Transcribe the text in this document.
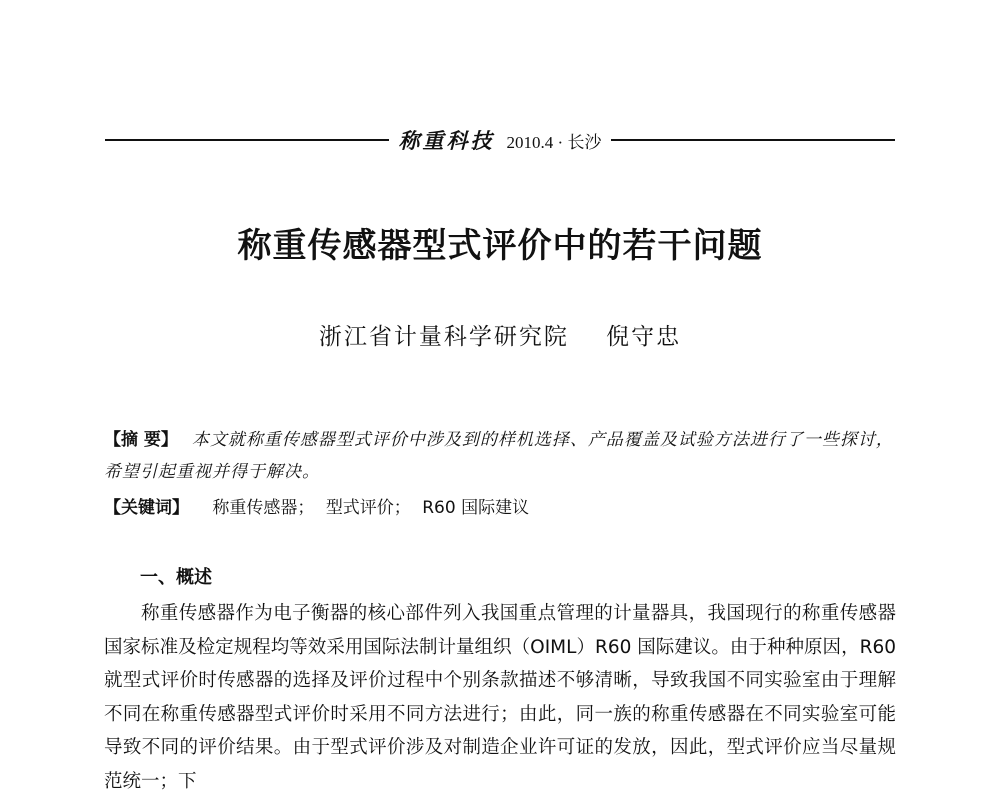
称重科技 2010.4 · 长沙
称重传感器型式评价中的若干问题
浙江省计量科学研究院 倪守忠
【摘 要】 本文就称重传感器型式评价中涉及到的样机选择、产品覆盖及试验方法进行了一些探讨，希望引起重视并得于解决。
【关键词】 称重传感器； 型式评价； R60 国际建议
一、概述
称重传感器作为电子衡器的核心部件列入我国重点管理的计量器具，我国现行的称重传感器国家标准及检定规程均等效采用国际法制计量组织（OIML）R60 国际建议。由于种种原因，R60 就型式评价时传感器的选择及评价过程中个别条款描述不够清晰，导致我国不同实验室由于理解不同在称重传感器型式评价时采用不同方法进行；由此，同一族的称重传感器在不同实验室可能导致不同的评价结果。由于型式评价涉及对制造企业许可证的发放，因此，型式评价应当尽量规范统一；下
